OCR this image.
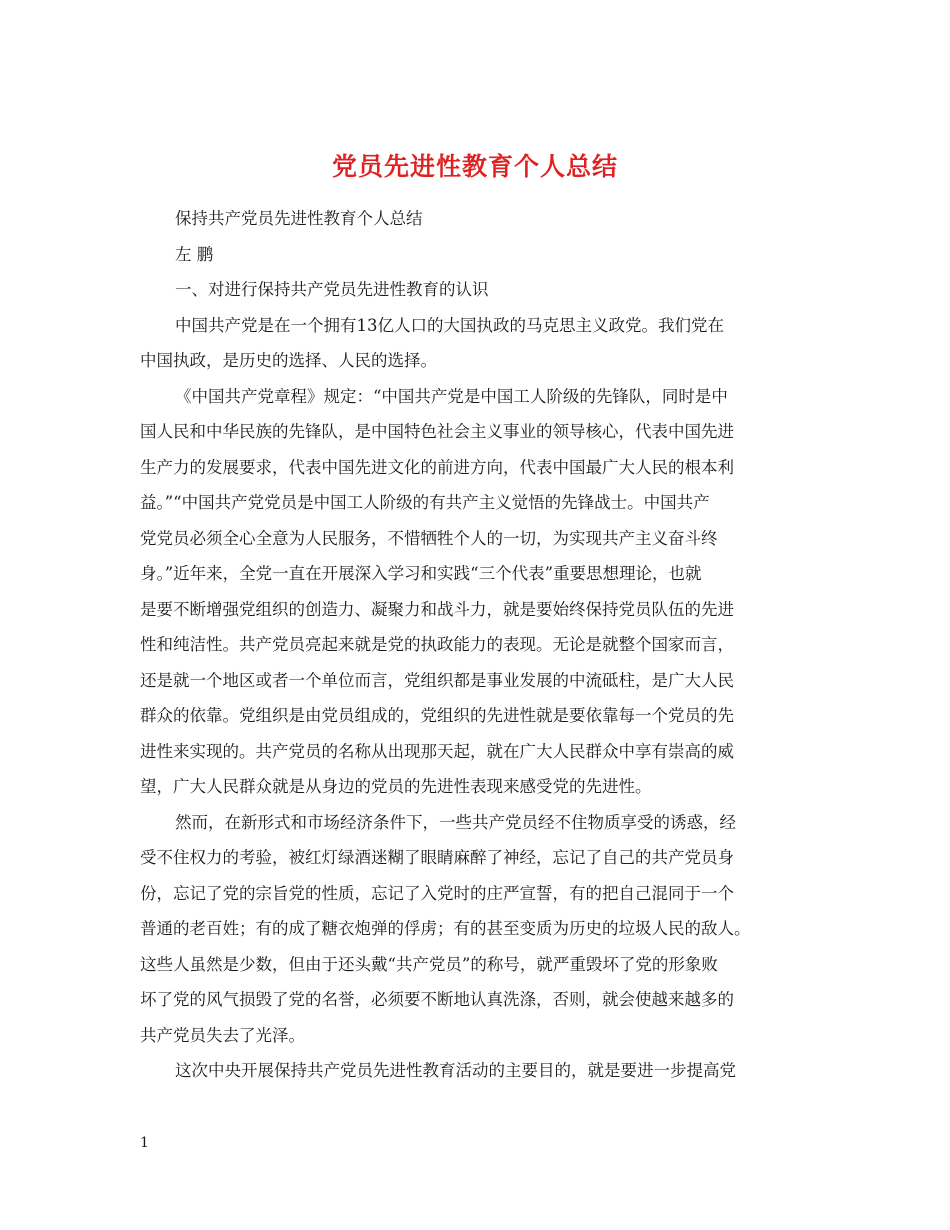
党员先进性教育个人总结

保持共产党员先进性教育个人总结

左 鹏

一、对进行保持共产党员先进性教育的认识

中国共产党是在一个拥有13亿人口的大国执政的马克思主义政党。我们党在
中国执政，是历史的选择、人民的选择。

《中国共产党章程》规定：“中国共产党是中国工人阶级的先锋队，同时是中
国人民和中华民族的先锋队，是中国特色社会主义事业的领导核心，代表中国先进
生产力的发展要求，代表中国先进文化的前进方向，代表中国最广大人民的根本利
益。”“中国共产党党员是中国工人阶级的有共产主义觉悟的先锋战士。中国共产
党党员必须全心全意为人民服务，不惜牺牲个人的一切，为实现共产主义奋斗终
身。”近年来，全党一直在开展深入学习和实践“三个代表”重要思想理论，也就
是要不断增强党组织的创造力、凝聚力和战斗力，就是要始终保持党员队伍的先进
性和纯洁性。共产党员亮起来就是党的执政能力的表现。无论是就整个国家而言，
还是就一个地区或者一个单位而言，党组织都是事业发展的中流砥柱，是广大人民
群众的依靠。党组织是由党员组成的，党组织的先进性就是要依靠每一个党员的先
进性来实现的。共产党员的名称从出现那天起，就在广大人民群众中享有崇高的威
望，广大人民群众就是从身边的党员的先进性表现来感受党的先进性。

然而，在新形式和市场经济条件下，一些共产党员经不住物质享受的诱惑，经
受不住权力的考验，被红灯绿酒迷糊了眼睛麻醉了神经，忘记了自己的共产党员身
份，忘记了党的宗旨党的性质，忘记了入党时的庄严宣誓，有的把自己混同于一个
普通的老百姓；有的成了糖衣炮弹的俘虏；有的甚至变质为历史的垃圾人民的敌人。
这些人虽然是少数，但由于还头戴“共产党员”的称号，就严重毁坏了党的形象败
坏了党的风气损毁了党的名誉，必须要不断地认真洗涤，否则，就会使越来越多的
共产党员失去了光泽。

这次中央开展保持共产党员先进性教育活动的主要目的，就是要进一步提高党

1
